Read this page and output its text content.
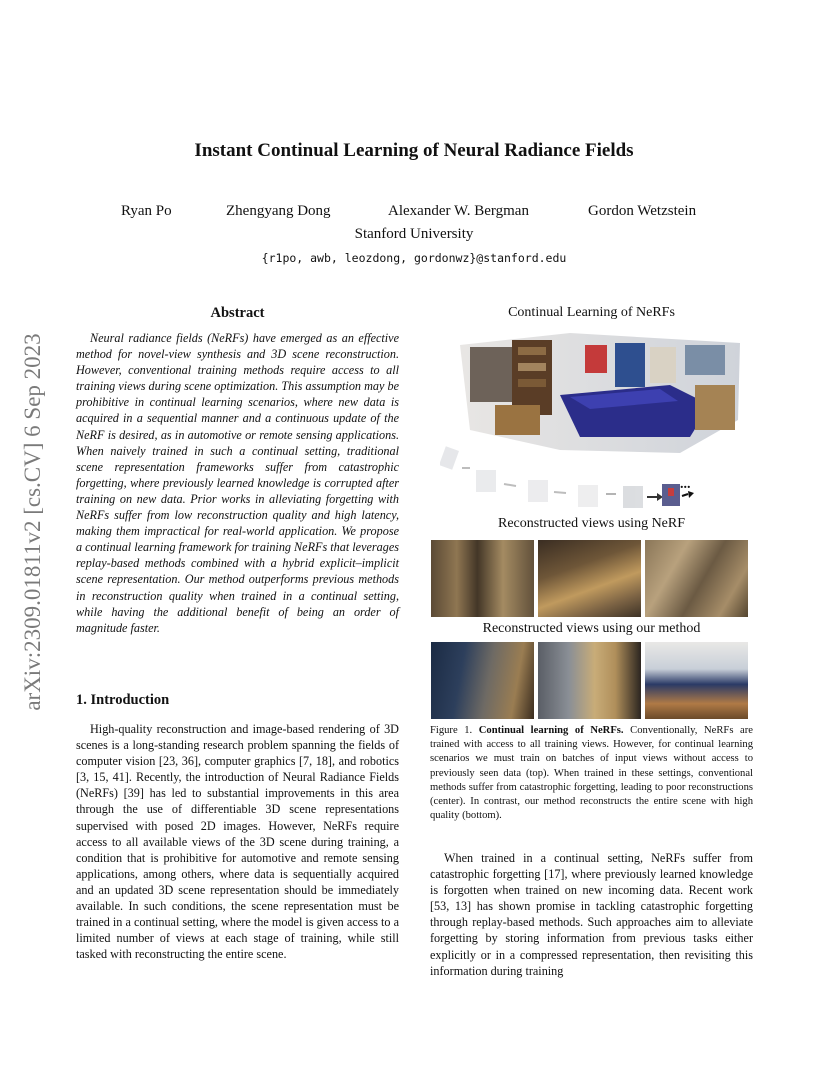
arXiv:2309.01811v2 [cs.CV] 6 Sep 2023
Instant Continual Learning of Neural Radiance Fields
Ryan Po	Zhengyang Dong	Alexander W. Bergman	Gordon Wetzstein
Stanford University
{r1po, awb, leozdong, gordonwz}@stanford.edu
Abstract
Neural radiance fields (NeRFs) have emerged as an effective method for novel-view synthesis and 3D scene reconstruction. However, conventional training methods require access to all training views during scene optimization. This assumption may be prohibitive in continual learning scenarios, where new data is acquired in a sequential manner and a continuous update of the NeRF is desired, as in automotive or remote sensing applications. When naively trained in such a continual setting, traditional scene representation frameworks suffer from catastrophic forgetting, where previously learned knowledge is corrupted after training on new data. Prior works in alleviating forgetting with NeRFs suffer from low reconstruction quality and high latency, making them impractical for real-world application. We propose a continual learning framework for training NeRFs that leverages replay-based methods combined with a hybrid explicit–implicit scene representation. Our method outperforms previous methods in reconstruction quality when trained in a continual setting, while having the additional benefit of being an order of magnitude faster.
1. Introduction
High-quality reconstruction and image-based rendering of 3D scenes is a long-standing research problem spanning the fields of computer vision [23, 36], computer graphics [7, 18], and robotics [3, 15, 41]. Recently, the introduction of Neural Radiance Fields (NeRFs) [39] has led to substantial improvements in this area through the use of differentiable 3D scene representations supervised with posed 2D images. However, NeRFs require access to all available views of the 3D scene during training, a condition that is prohibitive for automotive and remote sensing applications, among others, where data is sequentially acquired and an updated 3D scene representation should be immediately available. In such conditions, the scene representation must be trained in a continual setting, where the model is given access to a limited number of views at each stage of training, while still tasked with reconstructing the entire scene.
Continual Learning of NeRFs
...
Reconstructed views using NeRF
Reconstructed views using our method
Figure 1. Continual learning of NeRFs. Conventionally, NeRFs are trained with access to all training views. However, for continual learning scenarios we must train on batches of input views without access to previously seen data (top). When trained in these settings, conventional methods suffer from catastrophic forgetting, leading to poor reconstructions (center). In contrast, our method reconstructs the entire scene with high quality (bottom).
When trained in a continual setting, NeRFs suffer from catastrophic forgetting [17], where previously learned knowledge is forgotten when trained on new incoming data. Recent work [53, 13] has shown promise in tackling catastrophic forgetting through replay-based methods. Such approaches aim to alleviate forgetting by storing information from previous tasks either explicitly or in a compressed representation, then revisiting this information during training
